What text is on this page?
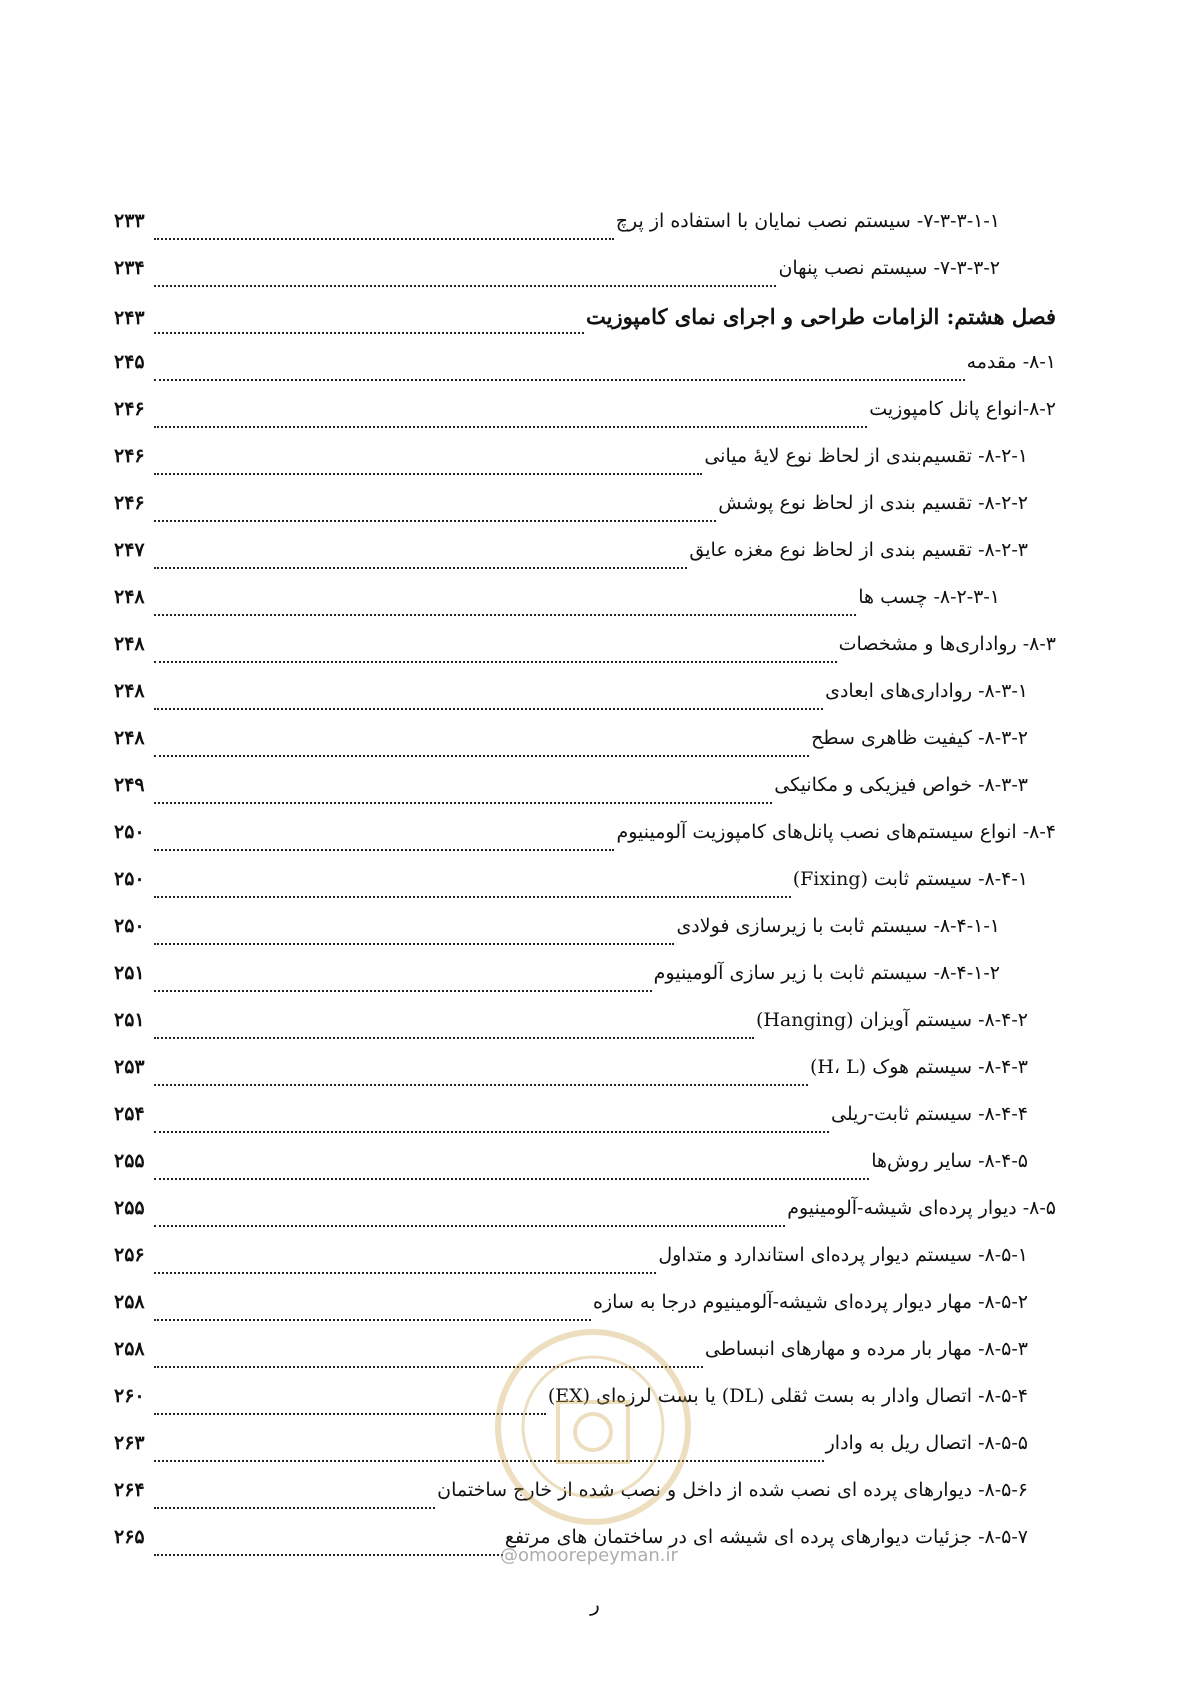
۷-۳-۳-۱-۱- سیستم نصب نمایان با استفاده از پرچ
۲۳۳
۷-۳-۳-۲- سیستم نصب پنهان
۲۳۴
فصل هشتم: الزامات طراحی و اجرای نمای کامپوزیت
۲۴۳
۸-۱- مقدمه
۲۴۵
۸-۲-انواع پانل کامپوزیت
۲۴۶
۸-۲-۱- تقسیم‌بندی از لحاظ نوع لایۀ میانی
۲۴۶
۸-۲-۲- تقسیم بندی از لحاظ نوع پوشش
۲۴۶
۸-۲-۳- تقسیم بندی از لحاظ نوع مغزه عایق
۲۴۷
۸-۲-۳-۱- چسب ها
۲۴۸
۸-۳- رواداری‌ها و مشخصات
۲۴۸
۸-۳-۱- رواداری‌های ابعادی
۲۴۸
۸-۳-۲- کیفیت ظاهری سطح
۲۴۸
۸-۳-۳- خواص فیزیکی و مکانیکی
۲۴۹
۸-۴- انواع سیستم‌های نصب پانل‌های کامپوزیت آلومینیوم
۲۵۰
۸-۴-۱- سیستم ثابت (Fixing)
۲۵۰
۸-۴-۱-۱- سیستم ثابت با زیرسازی فولادی
۲۵۰
۸-۴-۱-۲- سیستم ثابت با زیر سازی آلومینیوم
۲۵۱
۸-۴-۲- سیستم آویزان (Hanging)
۲۵۱
۸-۴-۳- سیستم هوک (H، L)
۲۵۳
۸-۴-۴- سیستم ثابت-ریلی
۲۵۴
۸-۴-۵- سایر روش‌ها
۲۵۵
۸-۵- دیوار پرده‌ای شیشه-آلومینیوم
۲۵۵
۸-۵-۱- سیستم دیوار پرده‌ای استاندارد و متداول
۲۵۶
۸-۵-۲- مهار دیوار پرده‌ای شیشه-آلومینیوم درجا به سازه
۲۵۸
۸-۵-۳- مهار بار مرده و مهارهای انبساطی
۲۵۸
۸-۵-۴- اتصال وادار به بست ثقلی (DL) یا بست لرزه‌ای (EX)
۲۶۰
۸-۵-۵- اتصال ریل به وادار
۲۶۳
۸-۵-۶- دیوارهای پرده ای نصب شده از داخل و نصب شده از خارج ساختمان
۲۶۴
۸-۵-۷- جزئیات دیوارهای پرده ای شیشه ای در ساختمان های مرتفع
۲۶۵
@omoorepeyman.ir
ر
